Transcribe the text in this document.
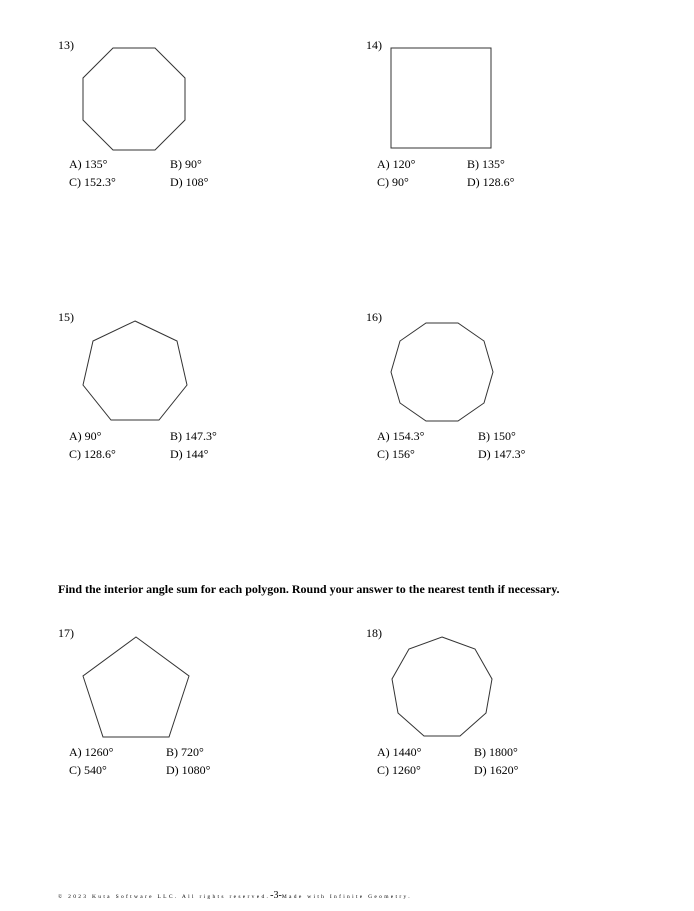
13)
A) 135°	B) 90°
C) 152.3°	D) 108°
14)
A) 120°	B) 135°
C) 90°	D) 128.6°
15)
A) 90°	B) 147.3°
C) 128.6°	D) 144°
16)
A) 154.3°	B) 150°
C) 156°	D) 147.3°
Find the interior angle sum for each polygon. Round your answer to the nearest tenth if necessary.
17)
A) 1260°	B) 720°
C) 540°	D) 1080°
18)
A) 1440°	B) 1800°
C) 1260°	D) 1620°
© 2023 Kuta Software LLC. All rights reserved.-3-Made with Infinite Geometry.
